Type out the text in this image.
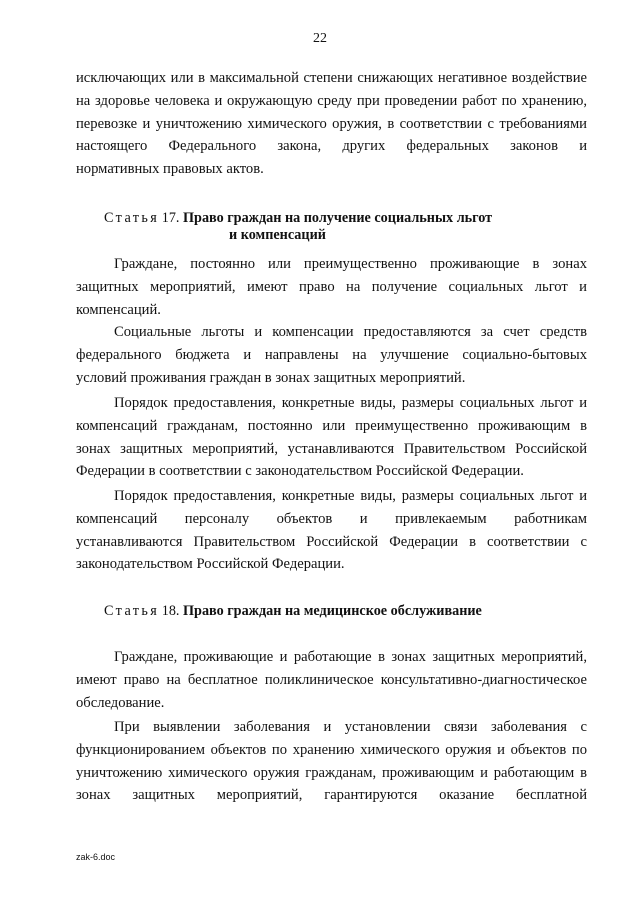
22
исключающих или в максимальной степени снижающих негативное воздействие
на здоровье человека и окружающую среду при проведении работ по хранению,
перевозке и уничтожению химического оружия, в соответствии с требованиями
настоящего Федерального закона, других федеральных законов и
нормативных правовых актов.
Статья 17. Право граждан на получение социальных льгот
и компенсаций
Граждане, постоянно или преимущественно проживающие в зонах
защитных мероприятий, имеют право на получение социальных льгот и
компенсаций.
Социальные льготы и компенсации предоставляются за счет средств
федерального бюджета и направлены на улучшение социально-бытовых
условий проживания граждан в зонах защитных мероприятий.
Порядок предоставления, конкретные виды, размеры социальных льгот и
компенсаций гражданам, постоянно или преимущественно проживающим в
зонах защитных мероприятий, устанавливаются Правительством Российской
Федерации в соответствии с законодательством Российской Федерации.
Порядок предоставления, конкретные виды, размеры социальных льгот и
компенсаций персоналу объектов и привлекаемым работникам
устанавливаются Правительством Российской Федерации в соответствии с
законодательством Российской Федерации.
Статья 18. Право граждан на медицинское обслуживание
Граждане, проживающие и работающие в зонах защитных мероприятий,
имеют право на бесплатное поликлиническое консультативно-диагностическое
обследование.
При выявлении заболевания и установлении связи заболевания с
функционированием объектов по хранению химического оружия и объектов по
уничтожению химического оружия гражданам, проживающим и работающим в
зонах защитных мероприятий, гарантируются оказание бесплатной
zak-6.doc
